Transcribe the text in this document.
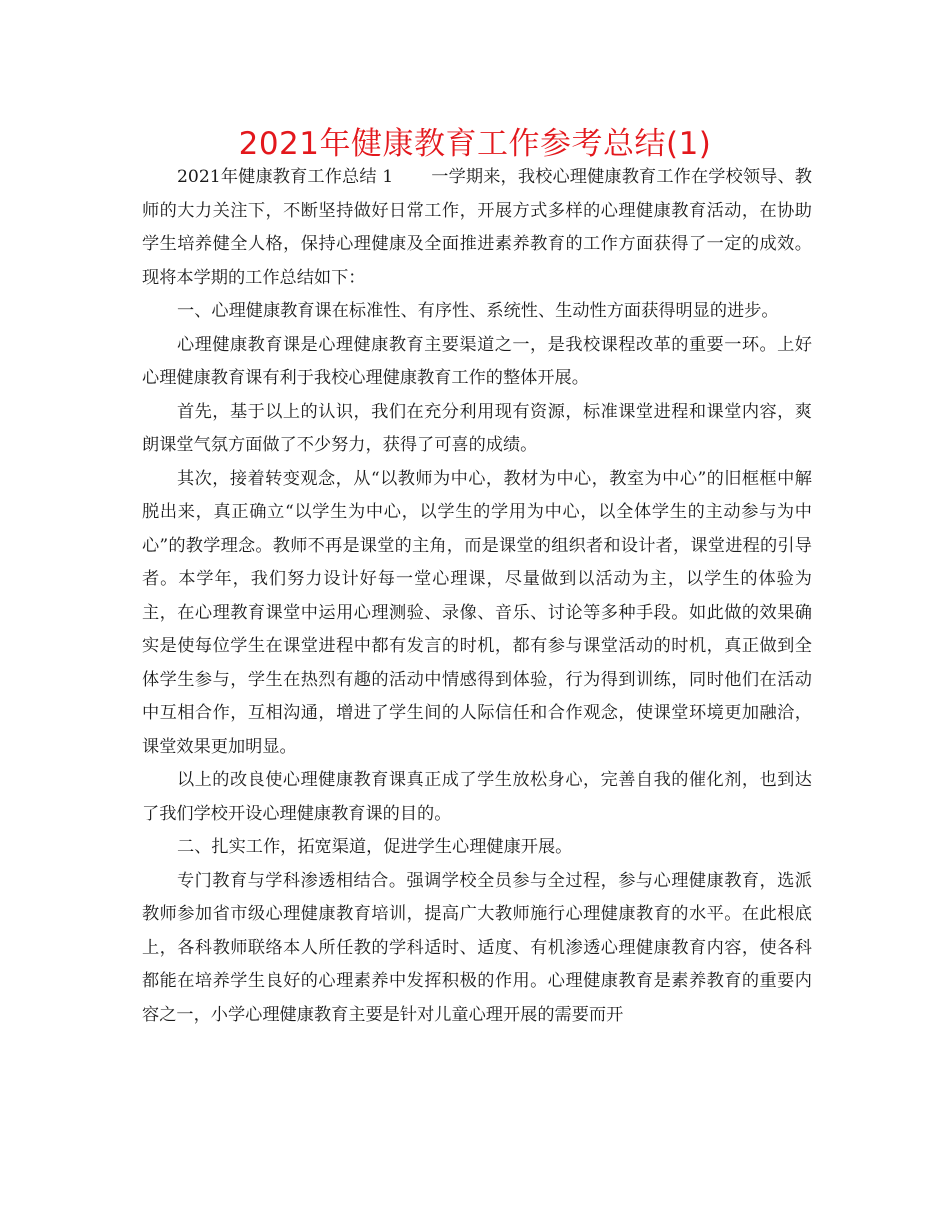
2021年健康教育工作参考总结(1)

2021年健康教育工作总结 1 一学期来，我校心理健康教育工作在学校领导、教师的大力关注下，不断坚持做好日常工作，开展方式多样的心理健康教育活动，在协助学生培养健全人格，保持心理健康及全面推进素养教育的工作方面获得了一定的成效。现将本学期的工作总结如下：

一、心理健康教育课在标准性、有序性、系统性、生动性方面获得明显的进步。

心理健康教育课是心理健康教育主要渠道之一，是我校课程改革的重要一环。上好心理健康教育课有利于我校心理健康教育工作的整体开展。

首先，基于以上的认识，我们在充分利用现有资源，标准课堂进程和课堂内容，爽朗课堂气氛方面做了不少努力，获得了可喜的成绩。

其次，接着转变观念，从“以教师为中心，教材为中心，教室为中心”的旧框框中解脱出来，真正确立“以学生为中心，以学生的学用为中心，以全体学生的主动参与为中心”的教学理念。教师不再是课堂的主角，而是课堂的组织者和设计者，课堂进程的引导者。本学年，我们努力设计好每一堂心理课，尽量做到以活动为主，以学生的体验为主，在心理教育课堂中运用心理测验、录像、音乐、讨论等多种手段。如此做的效果确实是使每位学生在课堂进程中都有发言的时机，都有参与课堂活动的时机，真正做到全体学生参与，学生在热烈有趣的活动中情感得到体验，行为得到训练，同时他们在活动中互相合作，互相沟通，增进了学生间的人际信任和合作观念，使课堂环境更加融洽，课堂效果更加明显。

以上的改良使心理健康教育课真正成了学生放松身心，完善自我的催化剂，也到达了我们学校开设心理健康教育课的目的。

二、扎实工作，拓宽渠道，促进学生心理健康开展。

专门教育与学科渗透相结合。强调学校全员参与全过程，参与心理健康教育，选派教师参加省市级心理健康教育培训，提高广大教师施行心理健康教育的水平。在此根底上，各科教师联络本人所任教的学科适时、适度、有机渗透心理健康教育内容，使各科都能在培养学生良好的心理素养中发挥积极的作用。心理健康教育是素养教育的重要内容之一，小学心理健康教育主要是针对儿童心理开展的需要而开
